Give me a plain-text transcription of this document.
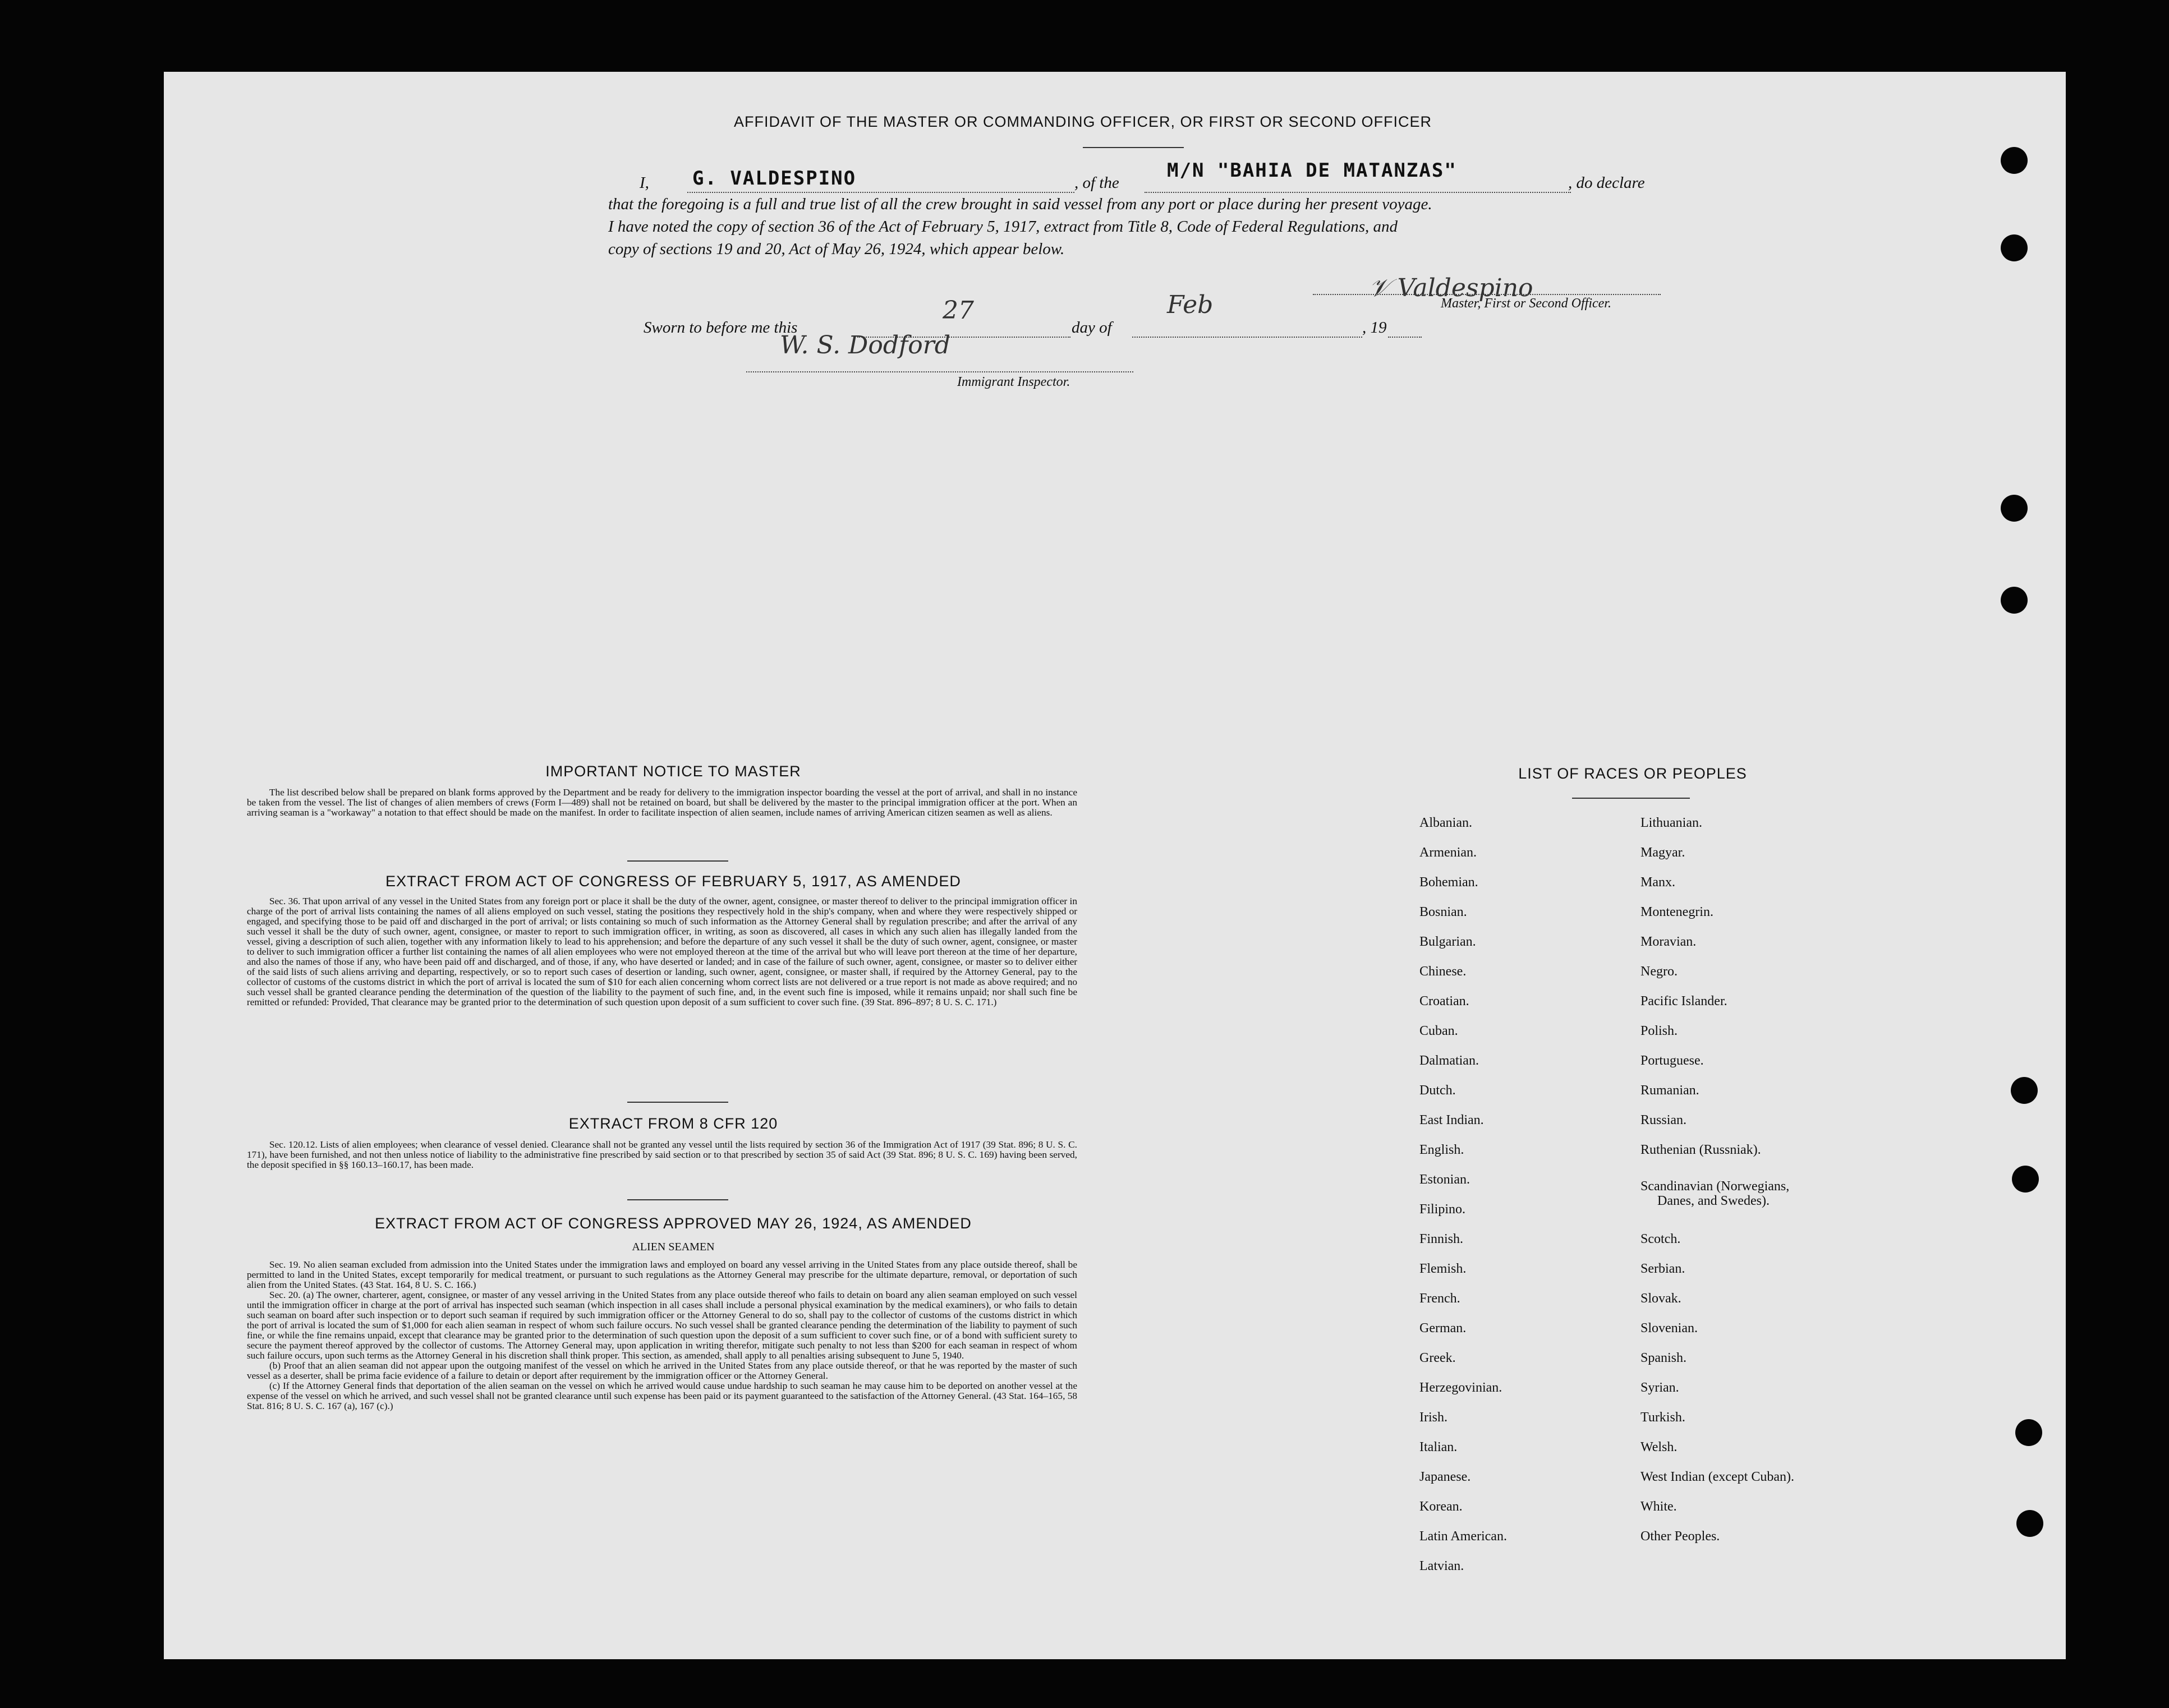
AFFIDAVIT OF THE MASTER OR COMMANDING OFFICER, OR FIRST OR SECOND OFFICER
I, G. VALDESPINO	, of the
M/N "BAHIA DE MATANZAS"
, do declare
that the foregoing is a full and true list of all the crew brought in said vessel from any port or place during her present voyage.
I have noted the copy of section 36 of the Act of February 5, 1917, extract from Title 8, Code of Federal Regulations, and
copy of sections 19 and 20, Act of May 26, 1924, which appear below.
𝒱 Valdespino
Master, First or Second Officer.
Sworn to before me this
27
day of
Feb
, 19
W. S. Dodford
Immigrant Inspector.
IMPORTANT NOTICE TO MASTER

The list described below shall be prepared on blank forms approved by the Department and be ready for delivery to the immigration inspector boarding the vessel at the port of arrival, and shall in no instance be taken from the vessel. The list of changes of alien members of crews (Form I—489) shall not be retained on board, but shall be delivered by the master to the principal immigration officer at the port. When an arriving seaman is a "workaway" a notation to that effect should be made on the manifest. In order to facilitate inspection of alien seamen, include names of arriving American citizen seamen as well as aliens.

EXTRACT FROM ACT OF CONGRESS OF FEBRUARY 5, 1917, AS AMENDED

Sec. 36. That upon arrival of any vessel in the United States from any foreign port or place it shall be the duty of the owner, agent, consignee, or master thereof to deliver to the principal immigration officer in charge of the port of arrival lists containing the names of all aliens employed on such vessel, stating the positions they respectively hold in the ship's company, when and where they were respectively shipped or engaged, and specifying those to be paid off and discharged in the port of arrival; or lists containing so much of such information as the Attorney General shall by regulation prescribe; and after the arrival of any such vessel it shall be the duty of such owner, agent, consignee, or master to report to such immigration officer, in writing, as soon as discovered, all cases in which any such alien has illegally landed from the vessel, giving a description of such alien, together with any information likely to lead to his apprehension; and before the departure of any such vessel it shall be the duty of such owner, agent, consignee, or master to deliver to such immigration officer a further list containing the names of all alien employees who were not employed thereon at the time of the arrival but who will leave port thereon at the time of her departure, and also the names of those if any, who have been paid off and discharged, and of those, if any, who have deserted or landed; and in case of the failure of such owner, agent, consignee, or master so to deliver either of the said lists of such aliens arriving and departing, respectively, or so to report such cases of desertion or landing, such owner, agent, consignee, or master shall, if required by the Attorney General, pay to the collector of customs of the customs district in which the port of arrival is located the sum of $10 for each alien concerning whom correct lists are not delivered or a true report is not made as above required; and no such vessel shall be granted clearance pending the determination of the question of the liability to the payment of such fine, and, in the event such fine is imposed, while it remains unpaid; nor shall such fine be remitted or refunded: Provided, That clearance may be granted prior to the determination of such question upon deposit of a sum sufficient to cover such fine. (39 Stat. 896–897; 8 U. S. C. 171.)

EXTRACT FROM 8 CFR 120

Sec. 120.12. Lists of alien employees; when clearance of vessel denied. Clearance shall not be granted any vessel until the lists required by section 36 of the Immigration Act of 1917 (39 Stat. 896; 8 U. S. C. 171), have been furnished, and not then unless notice of liability to the administrative fine prescribed by said section or to that prescribed by section 35 of said Act (39 Stat. 896; 8 U. S. C. 169) having been served, the deposit specified in §§ 160.13–160.17, has been made.

EXTRACT FROM ACT OF CONGRESS APPROVED MAY 26, 1924, AS AMENDED
ALIEN SEAMEN

Sec. 19. No alien seaman excluded from admission into the United States under the immigration laws and employed on board any vessel arriving in the United States from any place outside thereof, shall be permitted to land in the United States, except temporarily for medical treatment, or pursuant to such regulations as the Attorney General may prescribe for the ultimate departure, removal, or deportation of such alien from the United States. (43 Stat. 164, 8 U. S. C. 166.)

Sec. 20. (a) The owner, charterer, agent, consignee, or master of any vessel arriving in the United States from any place outside thereof who fails to detain on board any alien seaman employed on such vessel until the immigration officer in charge at the port of arrival has inspected such seaman (which inspection in all cases shall include a personal physical examination by the medical examiners), or who fails to detain such seaman on board after such inspection or to deport such seaman if required by such immigration officer or the Attorney General to do so, shall pay to the collector of customs of the customs district in which the port of arrival is located the sum of $1,000 for each alien seaman in respect of whom such failure occurs. No such vessel shall be granted clearance pending the determination of the liability to payment of such fine, or while the fine remains unpaid, except that clearance may be granted prior to the determination of such question upon the deposit of a sum sufficient to cover such fine, or of a bond with sufficient surety to secure the payment thereof approved by the collector of customs. The Attorney General may, upon application in writing therefor, mitigate such penalty to not less than $200 for each seaman in respect of whom such failure occurs, upon such terms as the Attorney General in his discretion shall think proper. This section, as amended, shall apply to all penalties arising subsequent to June 5, 1940.

(b) Proof that an alien seaman did not appear upon the outgoing manifest of the vessel on which he arrived in the United States from any place outside thereof, or that he was reported by the master of such vessel as a deserter, shall be prima facie evidence of a failure to detain or deport after requirement by the immigration officer or the Attorney General.

(c) If the Attorney General finds that deportation of the alien seaman on the vessel on which he arrived would cause undue hardship to such seaman he may cause him to be deported on another vessel at the expense of the vessel on which he arrived, and such vessel shall not be granted clearance until such expense has been paid or its payment guaranteed to the satisfaction of the Attorney General. (43 Stat. 164–165, 58 Stat. 816; 8 U. S. C. 167 (a), 167 (c).)

LIST OF RACES OR PEOPLES
Albanian.
Armenian.
Bohemian.
Bosnian.
Bulgarian.
Chinese.
Croatian.
Cuban.
Dalmatian.
Dutch.
East Indian.
English.
Estonian.
Filipino.
Finnish.
Flemish.
French.
German.
Greek.
Herzegovinian.
Irish.
Italian.
Japanese.
Korean.
Latin American.
Latvian.
Lithuanian.
Magyar.
Manx.
Montenegrin.
Moravian.
Negro.
Pacific Islander.
Polish.
Portuguese.
Rumanian.
Russian.
Ruthenian (Russniak).
Scandinavian (Norwegians,
Danes, and Swedes).
Scotch.
Serbian.
Slovak.
Slovenian.
Spanish.
Syrian.
Turkish.
Welsh.
West Indian (except Cuban).
White.
Other Peoples.
